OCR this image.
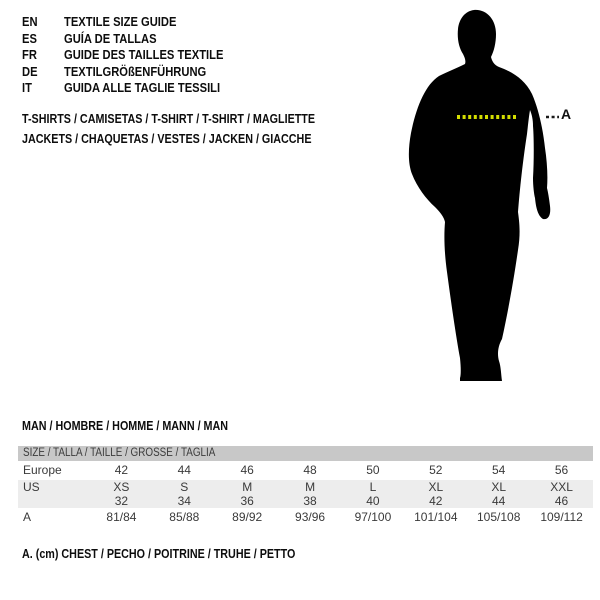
EN TEXTILE SIZE GUIDE
ES GUÍA DE TALLAS
FR GUIDE DES TAILLES TEXTILE
DE TEXTILGRÖßENFÜHRUNG
IT GUIDA ALLE TAGLIE TESSILI
T-SHIRTS / CAMISETAS / T-SHIRT / T-SHIRT / MAGLIETTE
JACKETS / CHAQUETAS / VESTES / JACKEN / GIACCHE
A
MAN / HOMBRE / HOMME / MANN / MAN
SIZE / TALLA / TAILLE / GRÖSSE / TAGLIA
Europe	42	44	46	48	50	52	54	56
US	XS	S	M	M	L	XL	XL	XXL
32	34	36	38	40	42	44	46
A	81/84	85/88	89/92	93/96	97/100	101/104	105/108	109/112
A. (cm) CHEST / PECHO / POITRINE / TRUHE / PETTO
